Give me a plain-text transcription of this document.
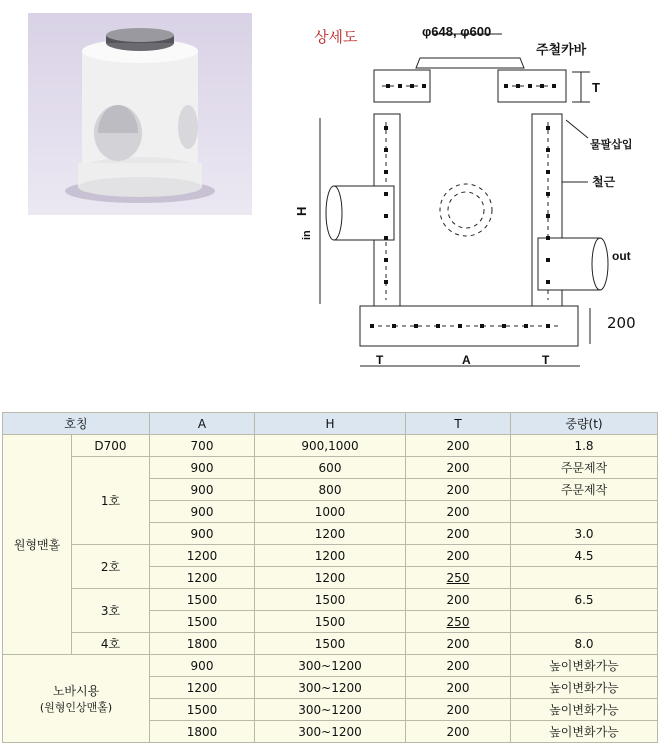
상세도	φ648, φ600
주철카바
T
물팔삽입
철근
out
H
in
T	A	T
200
호칭		A	H	T	중량(t)
원형맨홀	D700	700	900,1000	200	1.8
	1호	900	600	200	주문제작
		900	800	200	주문제작
		900	1000	200	
		900	1200	200	3.0
	2호	1200	1200	200	4.5
		1200	1200	250	
	3호	1500	1500	200	6.5
		1500	1500	250	
	4호	1800	1500	200	8.0

노바시용
(원형인상맨홀)		900	300~1200	200	높이변화가능
		1200	300~1200	200	높이변화가능
		1500	300~1200	200	높이변화가능
		1800	300~1200	200	높이변화가능
